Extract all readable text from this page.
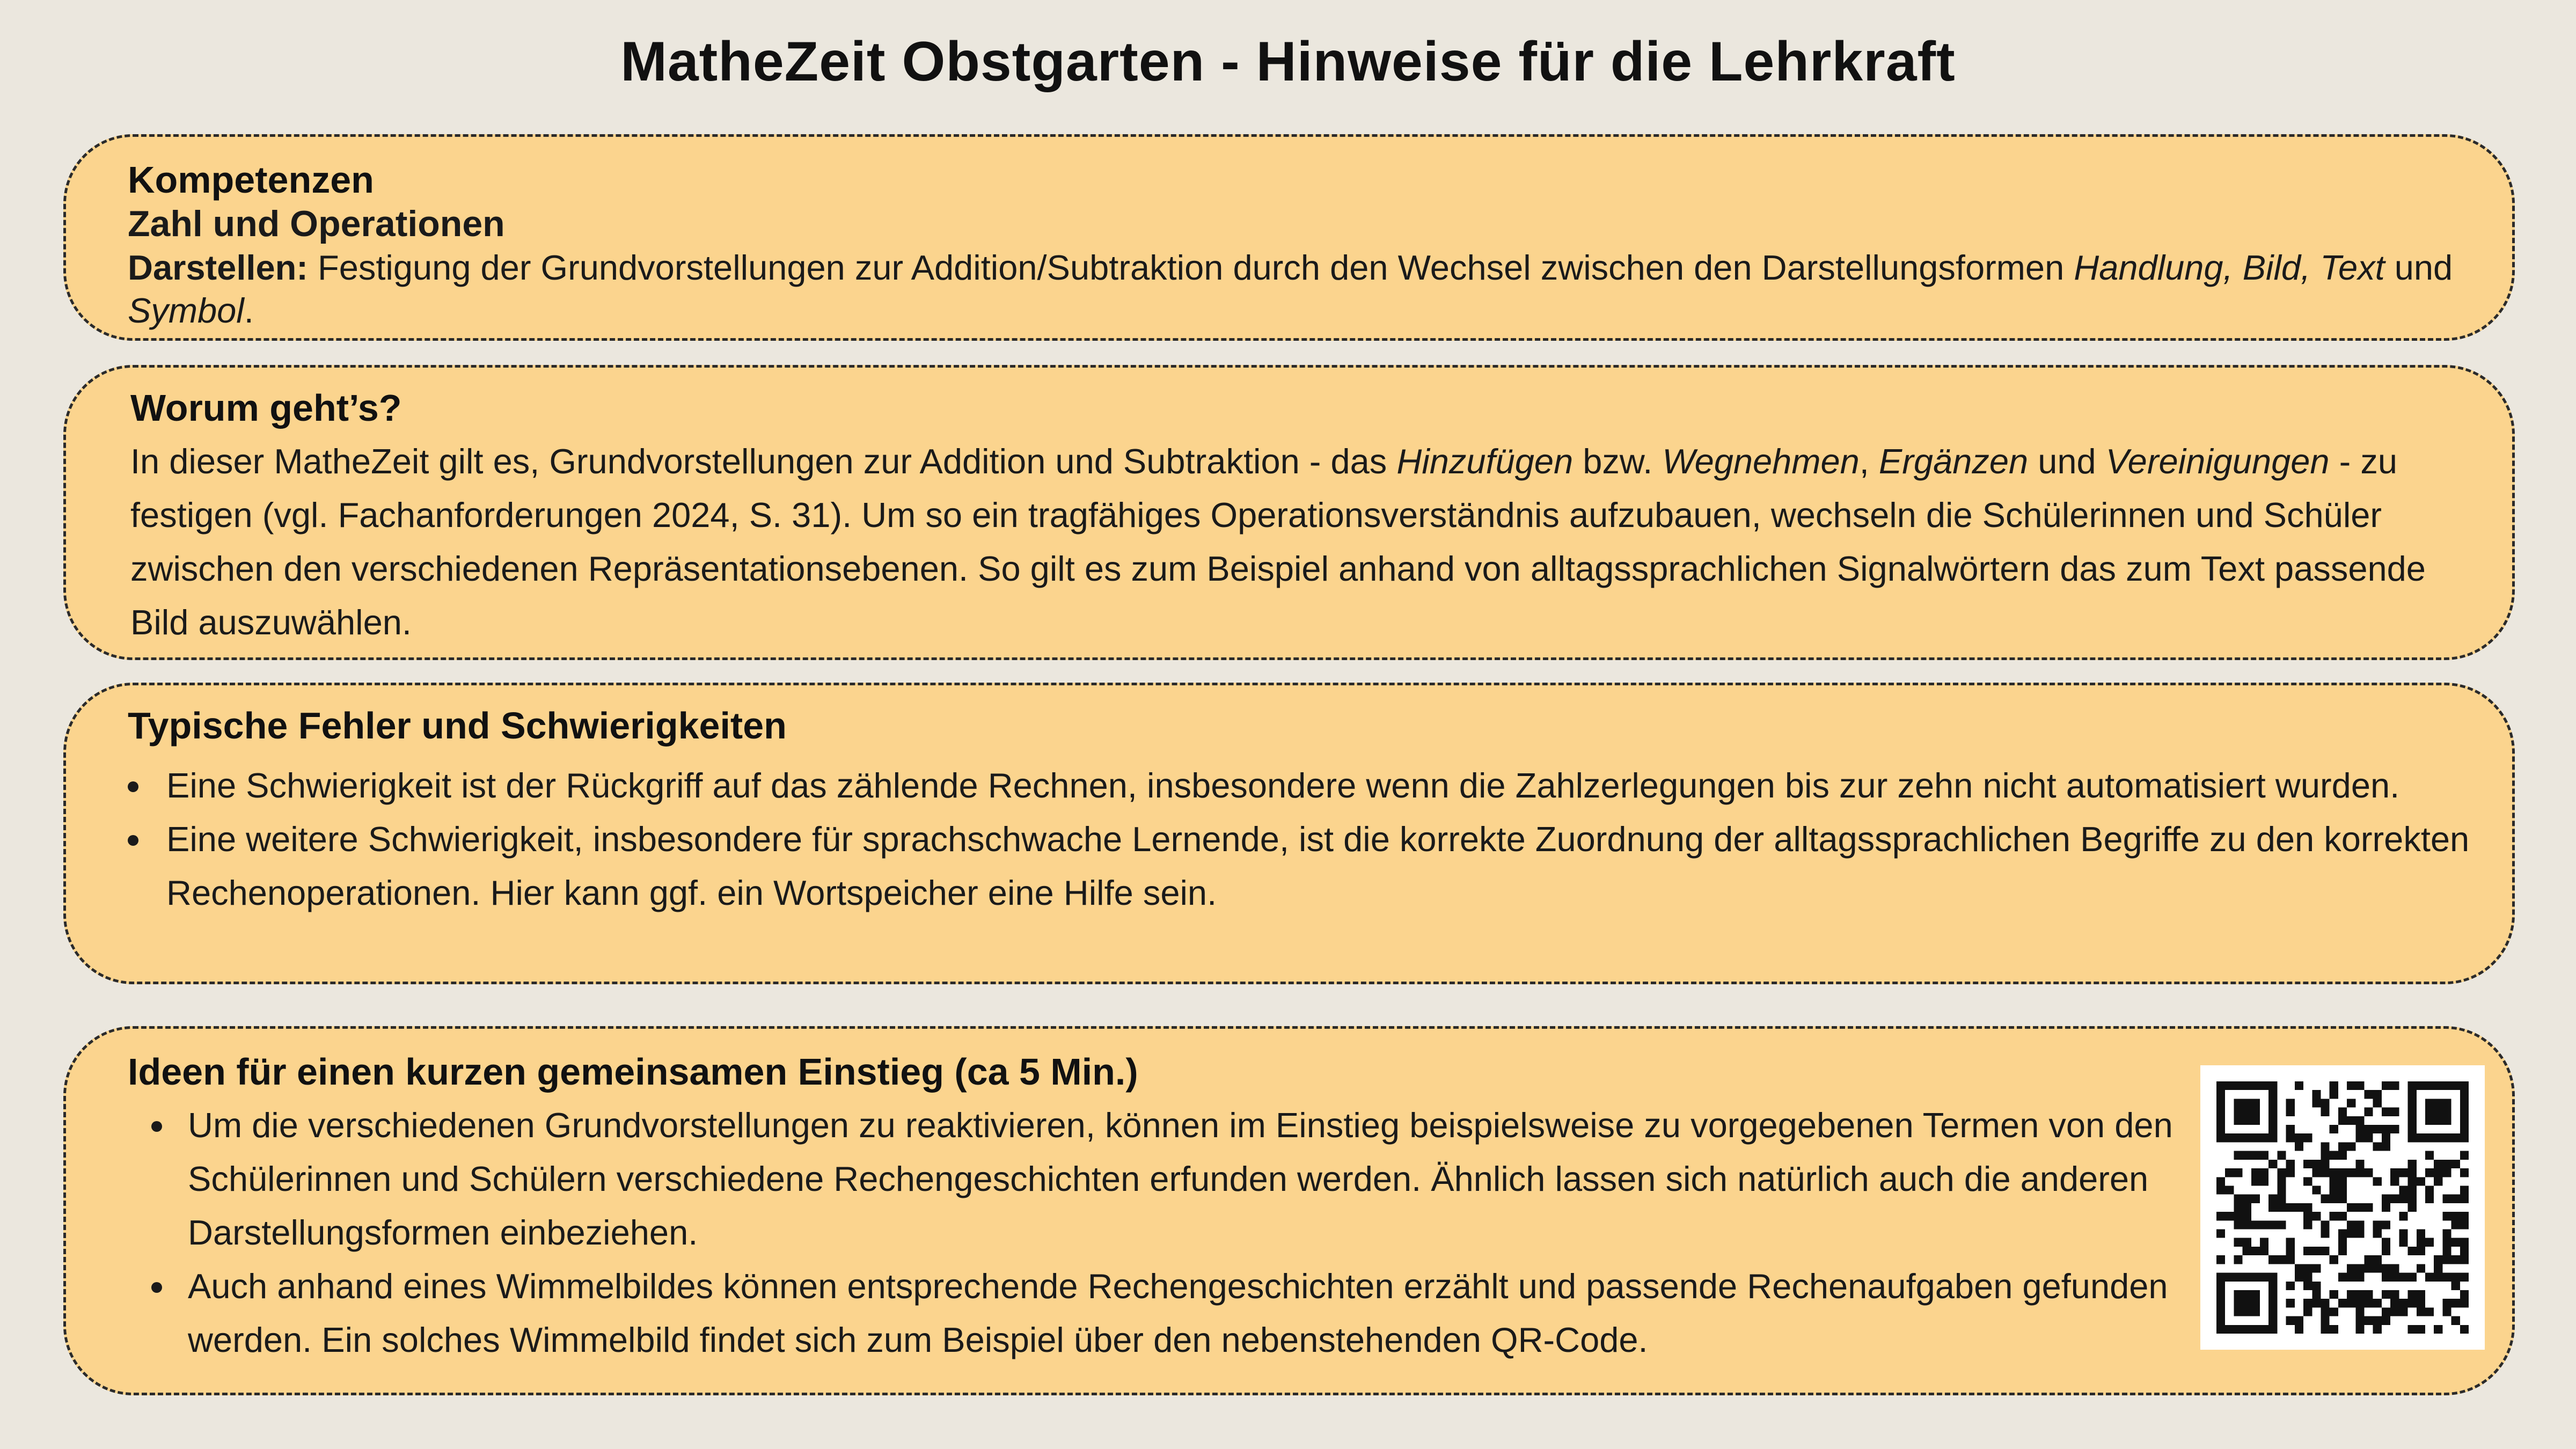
MatheZeit Obstgarten - Hinweise für die Lehrkraft
Kompetenzen
Zahl und Operationen
Darstellen: Festigung der Grundvorstellungen zur Addition/Subtraktion durch den Wechsel zwischen den Darstellungsformen Handlung, Bild, Text und Symbol.
Worum geht’s?
In dieser MatheZeit gilt es, Grundvorstellungen zur Addition und Subtraktion - das Hinzufügen bzw. Wegnehmen, Ergänzen und Vereinigungen - zu festigen (vgl. Fachanforderungen 2024, S. 31). Um so ein tragfähiges Operationsverständnis aufzubauen, wechseln die Schülerinnen und Schüler zwischen den verschiedenen Repräsentationsebenen. So gilt es zum Beispiel anhand von alltagssprachlichen Signalwörtern das zum Text passende Bild auszuwählen.
Typische Fehler und Schwierigkeiten
Eine Schwierigkeit ist der Rückgriff auf das zählende Rechnen, insbesondere wenn die Zahlzerlegungen bis zur zehn nicht automatisiert wurden.
Eine weitere Schwierigkeit, insbesondere für sprachschwache Lernende, ist die korrekte Zuordnung der alltagssprachlichen Begriffe zu den korrekten Rechenoperationen. Hier kann ggf. ein Wortspeicher eine Hilfe sein.
Ideen für einen kurzen gemeinsamen Einstieg (ca 5 Min.)
Um die verschiedenen Grundvorstellungen zu reaktivieren, können im Einstieg beispielsweise zu vorgegebenen Termen von den Schülerinnen und Schülern verschiedene Rechengeschichten erfunden werden. Ähnlich lassen sich natürlich auch die anderen Darstellungsformen einbeziehen.
Auch anhand eines Wimmelbildes können entsprechende Rechengeschichten erzählt und passende Rechenaufgaben gefunden werden. Ein solches Wimmelbild findet sich zum Beispiel über den nebenstehenden QR-Code.
